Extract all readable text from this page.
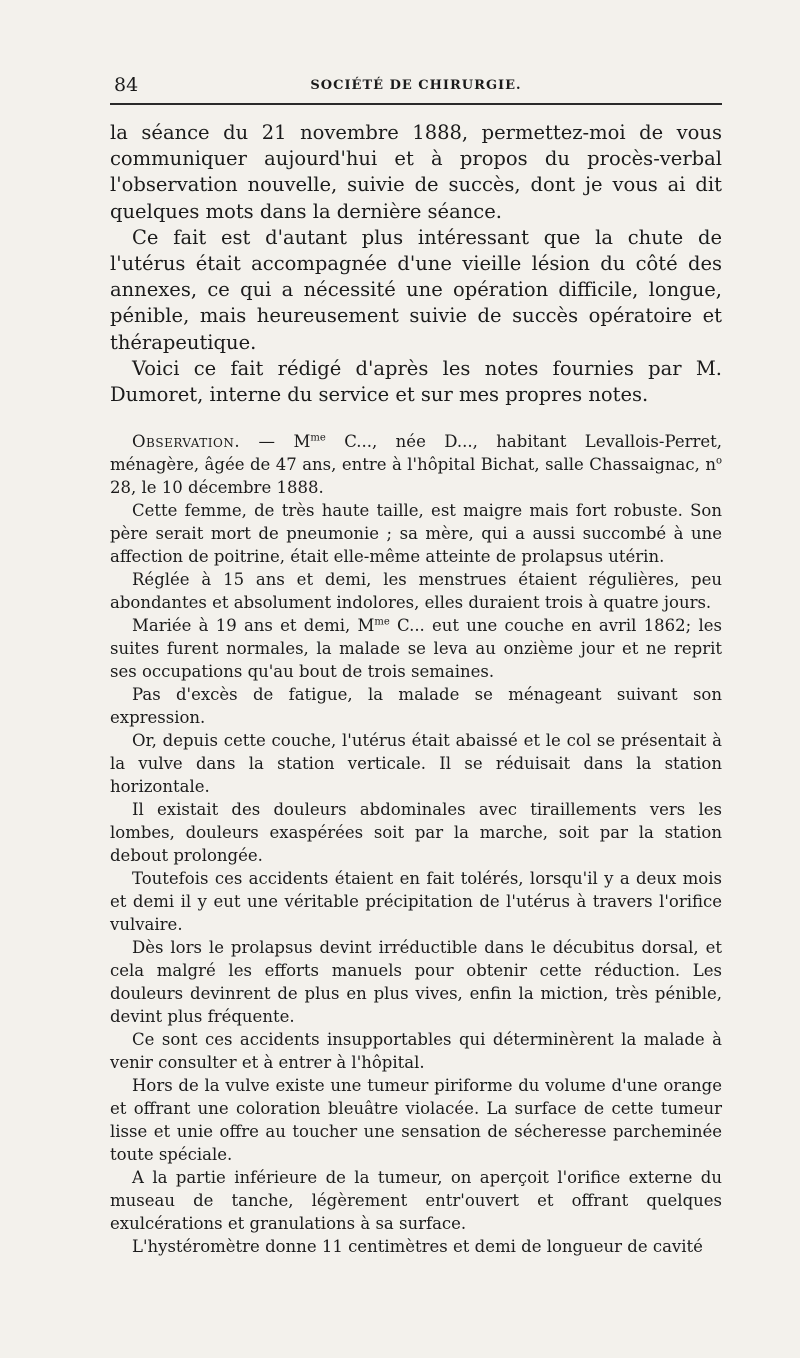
84	SOCIÉTÉ DE CHIRURGIE.

la séance du 21 novembre 1888, permettez-moi de vous communiquer aujourd'hui et à propos du procès-verbal l'observation nouvelle, suivie de succès, dont je vous ai dit quelques mots dans la dernière séance.

Ce fait est d'autant plus intéressant que la chute de l'utérus était accompagnée d'une vieille lésion du côté des annexes, ce qui a nécessité une opération difficile, longue, pénible, mais heureusement suivie de succès opératoire et thérapeutique.

Voici ce fait rédigé d'après les notes fournies par M. Dumoret, interne du service et sur mes propres notes.

Observation. — $M^{me}$ C..., née D..., habitant Levallois-Perret, ménagère, âgée de 47 ans, entre à l'hôpital Bichat, salle Chassaignac, $n^o$ 28, le 10 décembre 1888.

Cette femme, de très haute taille, est maigre mais fort robuste. Son père serait mort de pneumonie ; sa mère, qui a aussi succombé à une affection de poitrine, était elle-même atteinte de prolapsus utérin.

Réglée à 15 ans et demi, les menstrues étaient régulières, peu abondantes et absolument indolores, elles duraient trois à quatre jours.

Mariée à 19 ans et demi, $M^{me}$ C... eut une couche en avril 1862; les suites furent normales, la malade se leva au onzième jour et ne reprit ses occupations qu'au bout de trois semaines.

Pas d'excès de fatigue, la malade se ménageant suivant son expression.

Or, depuis cette couche, l'utérus était abaissé et le col se présentait à la vulve dans la station verticale. Il se réduisait dans la station horizontale.

Il existait des douleurs abdominales avec tiraillements vers les lombes, douleurs exaspérées soit par la marche, soit par la station debout prolongée.

Toutefois ces accidents étaient en fait tolérés, lorsqu'il y a deux mois et demi il y eut une véritable précipitation de l'utérus à travers l'orifice vulvaire.

Dès lors le prolapsus devint irréductible dans le décubitus dorsal, et cela malgré les efforts manuels pour obtenir cette réduction. Les douleurs devinrent de plus en plus vives, enfin la miction, très pénible, devint plus fréquente.

Ce sont ces accidents insupportables qui déterminèrent la malade à venir consulter et à entrer à l'hôpital.

Hors de la vulve existe une tumeur piriforme du volume d'une orange et offrant une coloration bleuâtre violacée. La surface de cette tumeur lisse et unie offre au toucher une sensation de sécheresse parcheminée toute spéciale.

A la partie inférieure de la tumeur, on aperçoit l'orifice externe du museau de tanche, légèrement entr'ouvert et offrant quelques exulcérations et granulations à sa surface.

L'hystéromètre donne 11 centimètres et demi de longueur de cavité
